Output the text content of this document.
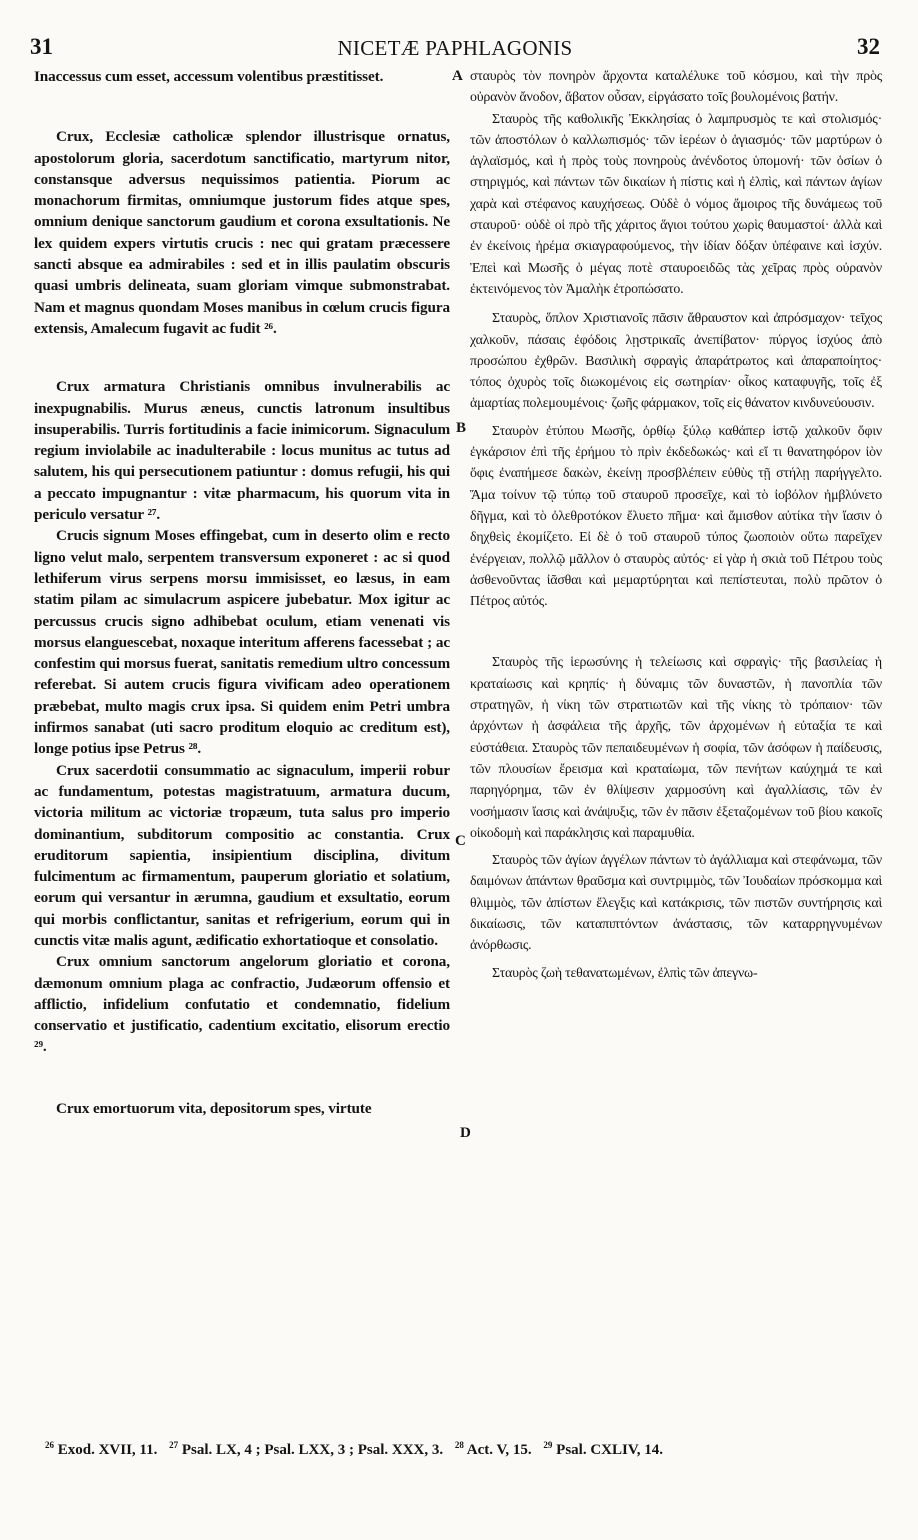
31	NICETÆ PAPHLAGONIS	32

Inaccessus cum esset, accessum volentibus præstitisset.

Crux, Ecclesiæ catholicæ splendor illustrisque ornatus, apostolorum gloria, sacerdotum sanctificatio, martyrum nitor, constansque adversus nequissimos patientia. Piorum ac monachorum firmitas, omniumque justorum fides atque spes, omnium denique sanctorum gaudium et corona exsultationis. Ne lex quidem expers virtutis crucis : nec qui gratam præcessere sancti absque ea admirabiles : sed et in illis paulatim obscuris quasi umbris delineata, suam gloriam vimque submonstrabat. Nam et magnus quondam Moses manibus in cœlum crucis figura extensis, Amalecum fugavit ac fudit ²⁶.

Crux armatura Christianis omnibus invulnerabilis ac inexpugnabilis. Murus æneus, cunctis latronum insultibus insuperabilis. Turris fortitudinis a facie inimicorum. Signaculum regium inviolabile ac inadulterabile : locus munitus ac tutus ad salutem, his qui persecutionem patiuntur : domus refugii, his qui a peccato impugnantur : vitæ pharmacum, his quorum vita in periculo versatur ²⁷.

Crucis signum Moses effingebat, cum in deserto olim e recto ligno velut malo, serpentem transversum exponeret : ac si quod lethiferum virus serpens morsu immisisset, eo læsus, in eam statim pilam ac simulacrum aspicere jubebatur. Mox igitur ac percussus crucis signo adhibebat oculum, etiam venenati vis morsus elanguescebat, noxaque interitum afferens facessebat ; ac confestim qui morsus fuerat, sanitatis remedium ultro concessum referebat. Si autem crucis figura vivificam adeo operationem præbebat, multo magis crux ipsa. Si quidem enim Petri umbra infirmos sanabat (uti sacro proditum eloquio ac creditum est), longe potius ipse Petrus ²⁸.

Crux sacerdotii consummatio ac signaculum, imperii robur ac fundamentum, potestas magistratuum, armatura ducum, victoria militum ac victoriæ tropæum, tuta salus pro imperio dominantium, subditorum compositio ac constantia. Crux eruditorum sapientia, insipientium disciplina, divitum fulcimentum ac firmamentum, pauperum gloriatio et solatium, eorum qui versantur in ærumna, gaudium et exsultatio, eorum qui morbis conflictantur, sanitas et refrigerium, eorum qui in cunctis vitæ malis agunt, ædificatio exhortatioque et consolatio.

Crux omnium sanctorum angelorum gloriatio et corona, dæmonum omnium plaga ac confractio, Judæorum offensio et afflictio, infidelium confutatio et condemnatio, fidelium conservatio et justificatio, cadentium excitatio, elisorum erectio ²⁹.

Crux emortuorum vita, depositorum spes, virtute

A
B
C
D

σταυρὸς τὸν πονηρὸν ἄρχοντα καταλέλυκε τοῦ κόσμου, καὶ τὴν πρὸς οὐρανὸν ἄνοδον, ἄβατον οὖσαν, εἰργάσατο τοῖς βουλομένοις βατήν.

Σταυρὸς τῆς καθολικῆς Ἐκκλησίας ὁ λαμπρυσμὸς τε καὶ στολισμός· τῶν ἀποστόλων ὁ καλλωπισμός· τῶν ἱερέων ὁ ἁγιασμός· τῶν μαρτύρων ὁ ἀγλαϊσμός, καὶ ἡ πρὸς τοὺς πονηροὺς ἀνένδοτος ὑπομονή· τῶν ὁσίων ὁ στηριγμός, καὶ πάντων τῶν δικαίων ἡ πίστις καὶ ἡ ἐλπὶς, καὶ πάντων ἁγίων χαρὰ καὶ στέφανος καυχήσεως. Οὐδὲ ὁ νόμος ἄμοιρος τῆς δυνάμεως τοῦ σταυροῦ· οὐδὲ οἱ πρὸ τῆς χάριτος ἅγιοι τούτου χωρὶς θαυμαστοί· ἀλλὰ καὶ ἐν ἐκείνοις ἠρέμα σκιαγραφούμενος, τὴν ἰδίαν δόξαν ὑπέφαινε καὶ ἰσχύν. Ἐπεὶ καὶ Μωσῆς ὁ μέγας ποτὲ σταυροειδῶς τὰς χεῖρας πρὸς οὐρανὸν ἐκτεινόμενος τὸν Ἀμαλὴκ ἐτροπώσατο.

Σταυρὸς, ὅπλον Χριστιανοῖς πᾶσιν ἄθραυστον καὶ ἀπρόσμαχον· τεῖχος χαλκοῦν, πάσαις ἐφόδοις λῃστρικαῖς ἀνεπίβατον· πύργος ἰσχύος ἀπὸ προσώπου ἐχθρῶν. Βασιλικὴ σφραγὶς ἀπαράτρωτος καὶ ἀπαραποίητος· τόπος ὀχυρὸς τοῖς διωκομένοις εἰς σωτηρίαν· οἶκος καταφυγῆς, τοῖς ἐξ ἁμαρτίας πολεμουμένοις· ζωῆς φάρμακον, τοῖς εἰς θάνατον κινδυνεύουσιν.

Σταυρὸν ἐτύπου Μωσῆς, ὀρθίῳ ξύλῳ καθάπερ ἱστῷ χαλκοῦν ὄφιν ἐγκάρσιον ἐπὶ τῆς ἐρήμου τὸ πρὶν ἐκδεδωκώς· καὶ εἴ τι θανατηφόρον ἰὸν ὄφις ἐναπήμεσε δακὼν, ἐκείνῃ προσβλέπειν εὐθὺς τῇ στήλῃ παρήγγελτο. Ἅμα τοίνυν τῷ τύπῳ τοῦ σταυροῦ προσεῖχε, καὶ τὸ ἰοβόλον ἠμβλύνετο δῆγμα, καὶ τὸ ὀλεθροτόκον ἔλυετο πῆμα· καὶ ἄμισθον αὐτίκα τὴν ἴασιν ὁ δηχθεὶς ἐκομίζετο. Εἰ δὲ ὁ τοῦ σταυροῦ τύπος ζωοποιὸν οὕτω παρεῖχεν ἐνέργειαν, πολλῷ μᾶλλον ὁ σταυρὸς αὐτός· εἰ γὰρ ἡ σκιὰ τοῦ Πέτρου τοὺς ἀσθενοῦντας ἰᾶσθαι καὶ μεμαρτύρηται καὶ πεπίστευται, πολὺ πρῶτον ὁ Πέτρος αὐτός.

Σταυρὸς τῆς ἱερωσύνης ἡ τελείωσις καὶ σφραγὶς· τῆς βασιλείας ἡ κραταίωσις καὶ κρηπίς· ἡ δύναμις τῶν δυναστῶν, ἡ πανοπλία τῶν στρατηγῶν, ἡ νίκη τῶν στρατιωτῶν καὶ τῆς νίκης τὸ τρόπαιον· τῶν ἀρχόντων ἡ ἀσφάλεια τῆς ἀρχῆς, τῶν ἀρχομένων ἡ εὐταξία τε καὶ εὐστάθεια. Σταυρὸς τῶν πεπαιδευμένων ἡ σοφία, τῶν ἀσόφων ἡ παίδευσις, τῶν πλουσίων ἔρεισμα καὶ κραταίωμα, τῶν πενήτων καύχημά τε καὶ παρηγόρημα, τῶν ἐν θλίψεσιν χαρμοσύνη καὶ ἀγαλλίασις, τῶν ἐν νοσήμασιν ἴασις καὶ ἀνάψυξις, τῶν ἐν πᾶσιν ἐξεταζομένων τοῦ βίου κακοῖς οἰκοδομὴ καὶ παράκλησις καὶ παραμυθία.

Σταυρὸς τῶν ἁγίων ἀγγέλων πάντων τὸ ἀγάλλιαμα καὶ στεφάνωμα, τῶν δαιμόνων ἁπάντων θραῦσμα καὶ συντριμμὸς, τῶν Ἰουδαίων πρόσκομμα καὶ θλιμμὸς, τῶν ἀπίστων ἔλεγξις καὶ κατάκρισις, τῶν πιστῶν συντήρησις καὶ δικαίωσις, τῶν καταπιπτόντων ἀνάστασις, τῶν καταρρηγνυμένων ἀνόρθωσις.

Σταυρὸς ζωὴ τεθανατωμένων, ἐλπὶς τῶν ἀπεγνω-

$^{26}$ Exod. XVII, 11. $^{27}$ Psal. LX, 4 ; Psal. LXX, 3 ; Psal. XXX, 3. $^{28}$ Act. V, 15. $^{29}$ Psal. CXLIV, 14.
